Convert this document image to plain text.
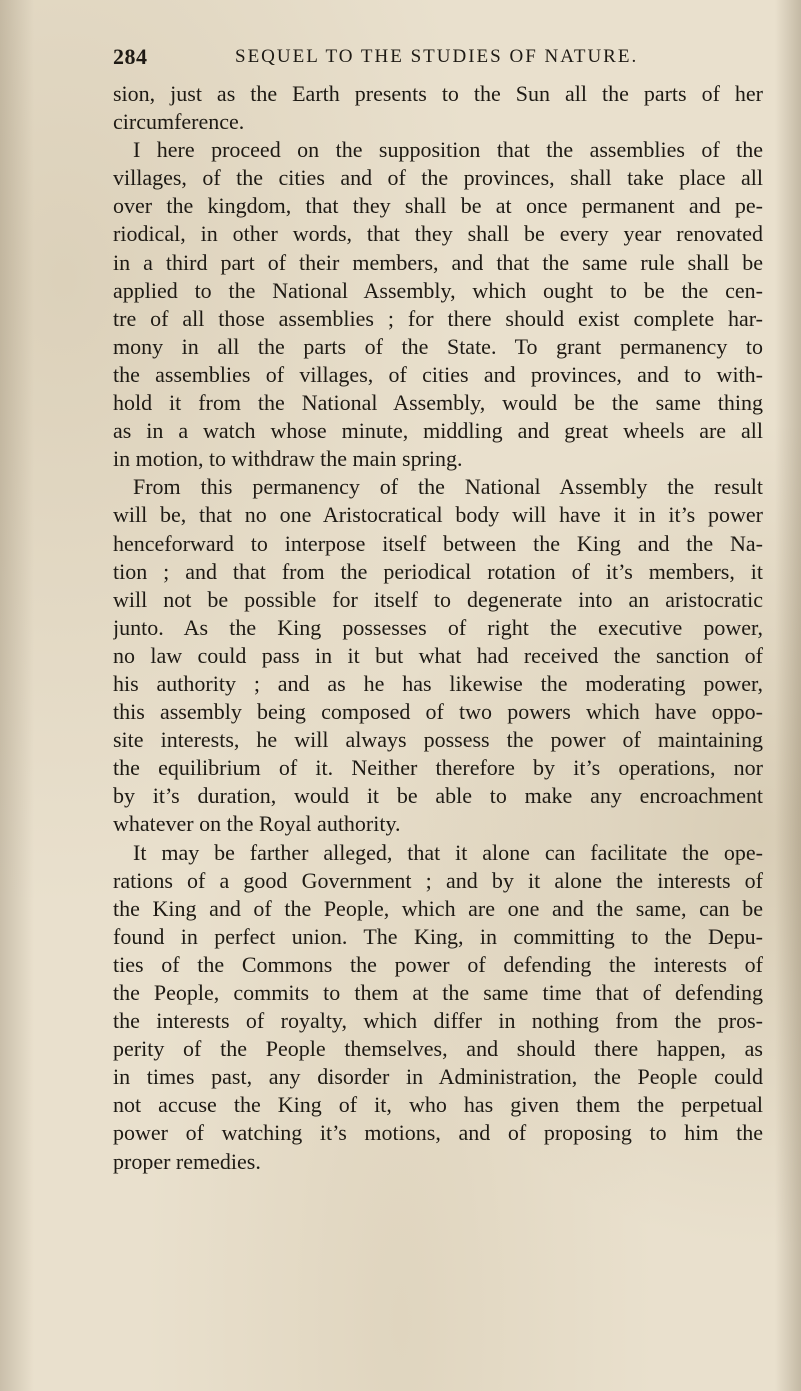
284	SEQUEL TO THE STUDIES OF NATURE.
sion, just as the Earth presents to the Sun all the parts of her
circumference.
I here proceed on the supposition that the assemblies of the
villages, of the cities and of the provinces, shall take place all
over the kingdom, that they shall be at once permanent and pe-
riodical, in other words, that they shall be every year renovated
in a third part of their members, and that the same rule shall be
applied to the National Assembly, which ought to be the cen-
tre of all those assemblies ; for there should exist complete har-
mony in all the parts of the State. To grant permanency to
the assemblies of villages, of cities and provinces, and to with-
hold it from the National Assembly, would be the same thing
as in a watch whose minute, middling and great wheels are all
in motion, to withdraw the main spring.
From this permanency of the National Assembly the result
will be, that no one Aristocratical body will have it in it’s power
henceforward to interpose itself between the King and the Na-
tion ; and that from the periodical rotation of it’s members, it
will not be possible for itself to degenerate into an aristocratic
junto. As the King possesses of right the executive power,
no law could pass in it but what had received the sanction of
his authority ; and as he has likewise the moderating power,
this assembly being composed of two powers which have oppo-
site interests, he will always possess the power of maintaining
the equilibrium of it. Neither therefore by it’s operations, nor
by it’s duration, would it be able to make any encroachment
whatever on the Royal authority.
It may be farther alleged, that it alone can facilitate the ope-
rations of a good Government ; and by it alone the interests of
the King and of the People, which are one and the same, can be
found in perfect union. The King, in committing to the Depu-
ties of the Commons the power of defending the interests of
the People, commits to them at the same time that of defending
the interests of royalty, which differ in nothing from the pros-
perity of the People themselves, and should there happen, as
in times past, any disorder in Administration, the People could
not accuse the King of it, who has given them the perpetual
power of watching it’s motions, and of proposing to him the
proper remedies.
